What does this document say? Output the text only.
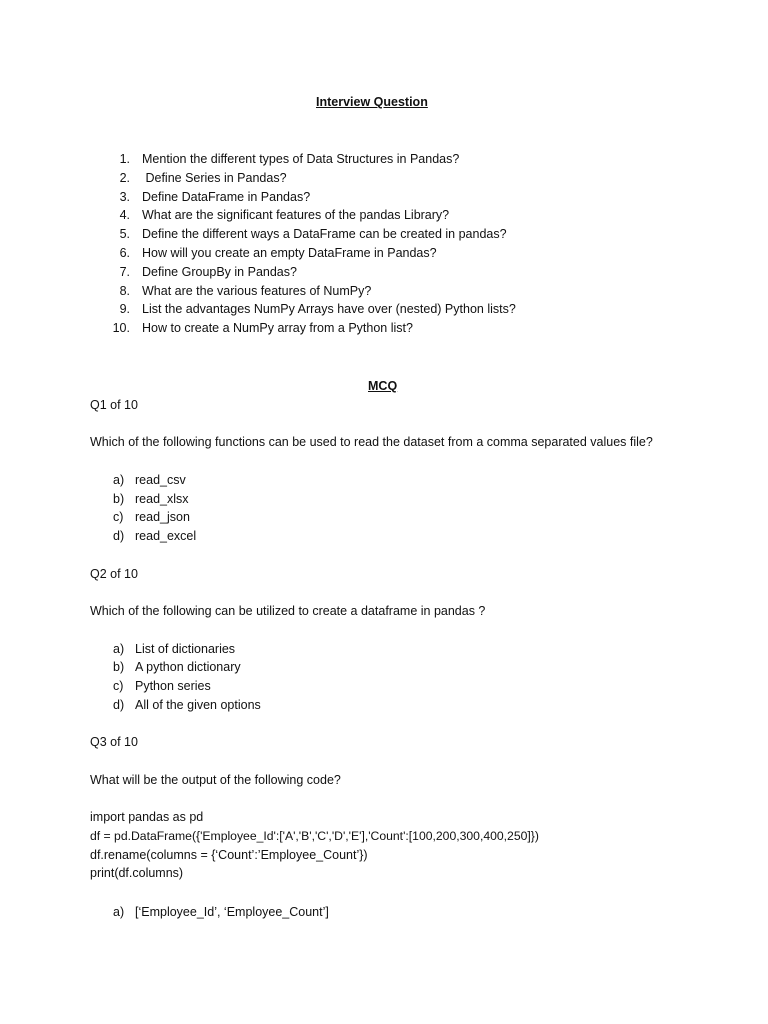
Interview Question
1. Mention the different types of Data Structures in Pandas?
2. Define Series in Pandas?
3. Define DataFrame in Pandas?
4. What are the significant features of the pandas Library?
5. Define the different ways a DataFrame can be created in pandas?
6. How will you create an empty DataFrame in Pandas?
7. Define GroupBy in Pandas?
8. What are the various features of NumPy?
9. List the advantages NumPy Arrays have over (nested) Python lists?
10. How to create a NumPy array from a Python list?
MCQ
Q1 of 10
Which of the following functions can be used to read the dataset from a comma separated values file?
a) read_csv
b) read_xlsx
c) read_json
d) read_excel
Q2 of 10
Which of the following can be utilized to create a dataframe in pandas ?
a) List of dictionaries
b) A python dictionary
c) Python series
d) All of the given options
Q3 of 10
What will be the output of the following code?
import pandas as pd
df = pd.DataFrame({'Employee_Id':['A','B','C','D','E'],'Count':[100,200,300,400,250]})
df.rename(columns = {‘Count’:’Employee_Count’})
print(df.columns)
a) [‘Employee_Id’, ‘Employee_Count’]
